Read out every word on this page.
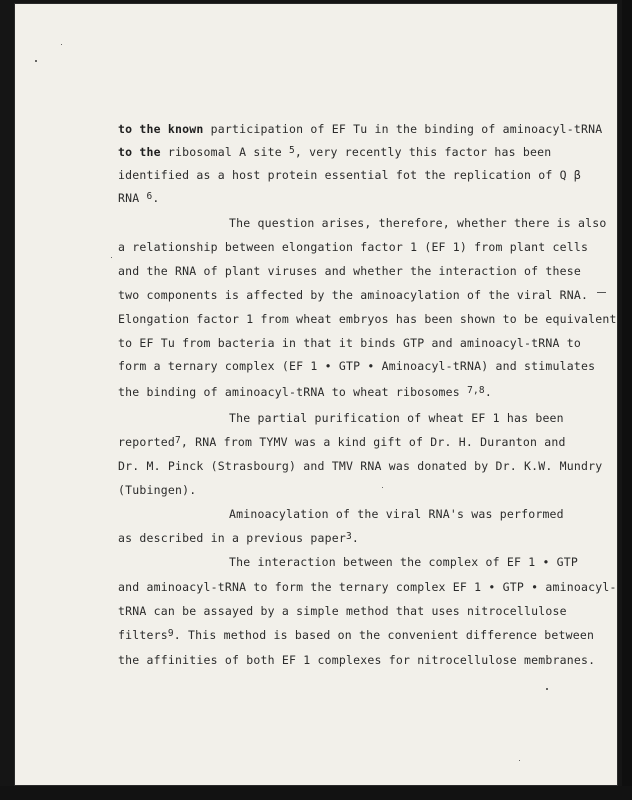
to the known participation of EF Tu in the binding of aminoacyl-tRNA
to the ribosomal A site $^5$, very recently this factor has been
identified as a host protein essential fot the replication of Q β
RNA $^6$.
The question arises, therefore, whether there is also
a relationship between elongation factor 1 (EF 1) from plant cells
and the RNA of plant viruses and whether the interaction of these
two components is affected by the aminoacylation of the viral RNA.
Elongation factor 1 from wheat embryos has been shown to be equivalent
to EF Tu from bacteria in that it binds GTP and aminoacyl-tRNA to
form a ternary complex (EF 1 • GTP • Aminoacyl-tRNA) and stimulates
the binding of aminoacyl-tRNA to wheat ribosomes $^{7,8}$.
The partial purification of wheat EF 1 has been
reported$^7$, RNA from TYMV was a kind gift of Dr. H. Duranton and
Dr. M. Pinck (Strasbourg) and TMV RNA was donated by Dr. K.W. Mundry
(Tubingen).
Aminoacylation of the viral RNA's was performed
as described in a previous paper$^3$.
The interaction between the complex of EF 1 • GTP
and aminoacyl-tRNA to form the ternary complex EF 1 • GTP • aminoacyl-
tRNA can be assayed by a simple method that uses nitrocellulose
filters$^9$. This method is based on the convenient difference between
the affinities of both EF 1 complexes for nitrocellulose membranes.
